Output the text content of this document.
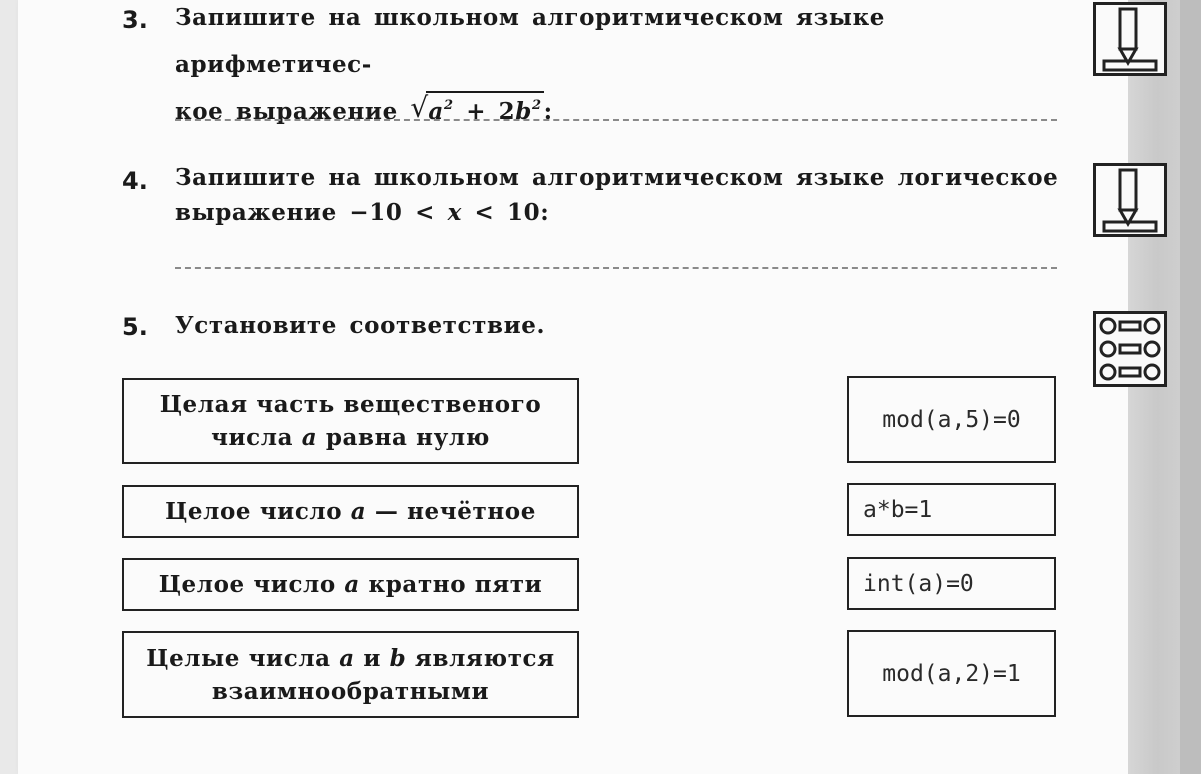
3. Запишите на школьном алгоритмическом языке арифметичес-
кое выражение √ $a^2 + 2b^2$:
4. Запишите на школьном алгоритмическом языке логическое
выражение −10 < x < 10:
5. Установите соответствие.
Целая часть вещественого
числа a равна нулю
Целое число a — нечётное
Целое число a кратно пяти
Целые числа a и b являются
взаимнообратными
mod(a,5)=0
a*b=1
int(a)=0
mod(a,2)=1
